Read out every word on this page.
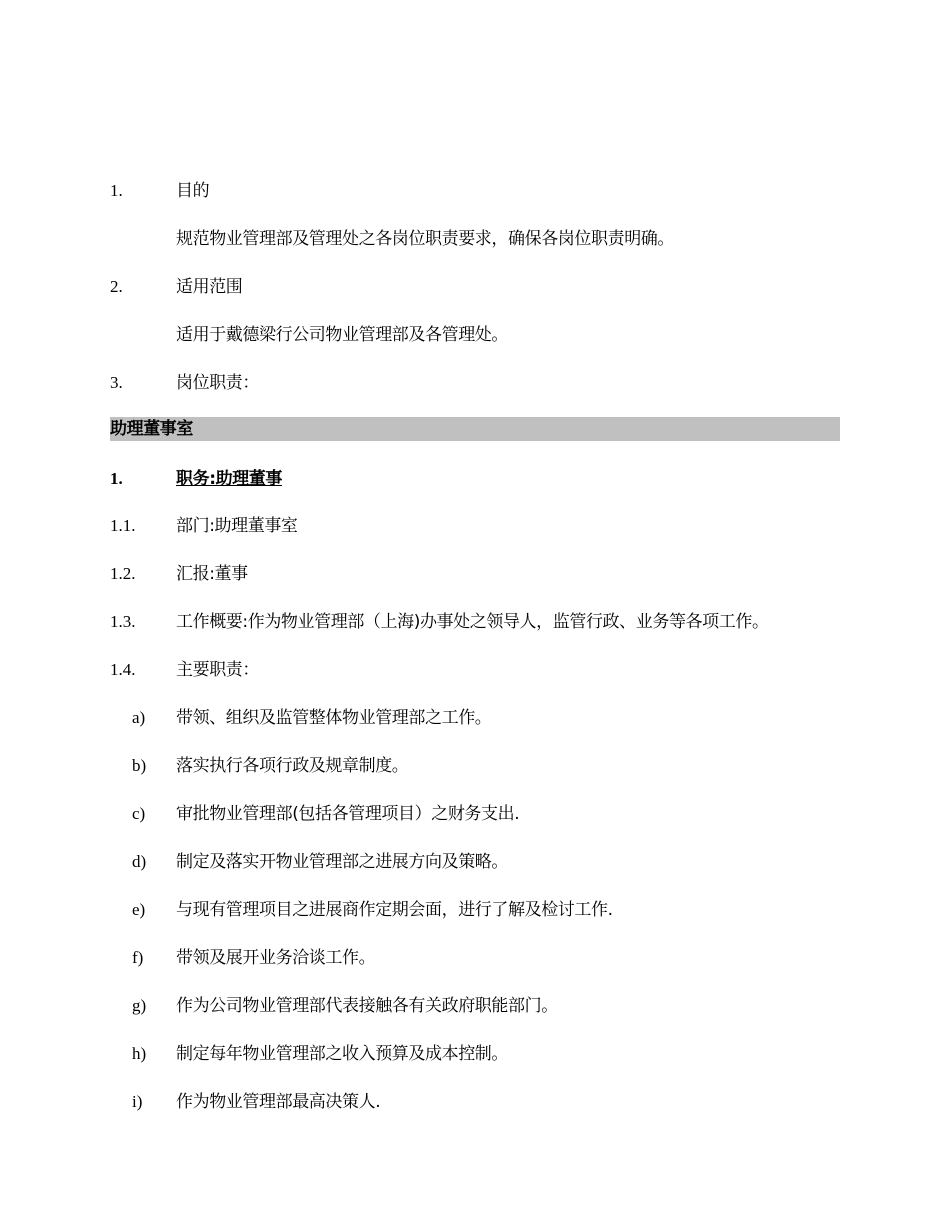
1.	目的
规范物业管理部及管理处之各岗位职责要求，确保各岗位职责明确。
2.	适用范围
适用于戴德梁行公司物业管理部及各管理处。
3.	岗位职责：
助理董事室
1.	职务:助理董事
1.1. 部门:助理董事室
1.2. 汇报:董事
1.3. 工作概要:作为物业管理部（上海)办事处之领导人，监管行政、业务等各项工作。
1.4. 主要职责：
a) 带领、组织及监管整体物业管理部之工作。
b) 落实执行各项行政及规章制度。
c) 审批物业管理部(包括各管理项目）之财务支出.
d) 制定及落实开物业管理部之进展方向及策略。
e) 与现有管理项目之进展商作定期会面，进行了解及检讨工作.
f) 带领及展开业务洽谈工作。
g) 作为公司物业管理部代表接触各有关政府职能部门。
h) 制定每年物业管理部之收入预算及成本控制。
i) 作为物业管理部最高决策人.
